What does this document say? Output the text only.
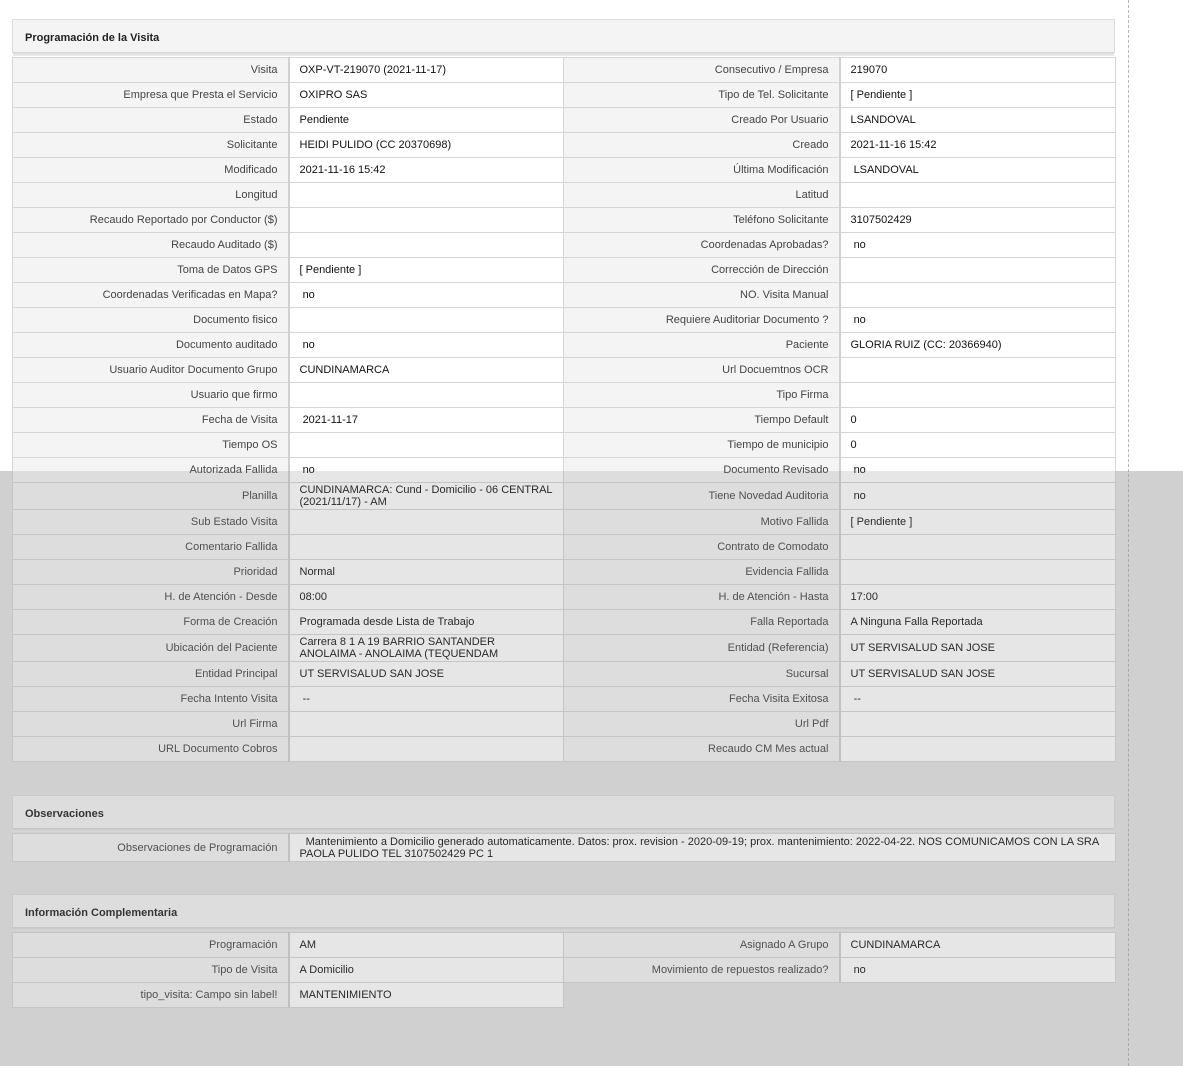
Programación de la Visita
Visita	OXP-VT-219070 (2021-11-17)	Consecutivo / Empresa	219070
Empresa que Presta el Servicio	OXIPRO SAS	Tipo de Tel. Solicitante	[ Pendiente ]
Estado	Pendiente	Creado Por Usuario	LSANDOVAL
Solicitante	HEIDI PULIDO (CC 20370698)	Creado	2021-11-16 15:42
Modificado	2021-11-16 15:42	Última Modificación	LSANDOVAL
Longitud		Latitud	
Recaudo Reportado por Conductor ($)		Teléfono Solicitante	3107502429
Recaudo Auditado ($)		Coordenadas Aprobadas?	no
Toma de Datos GPS	[ Pendiente ]	Corrección de Dirección	
Coordenadas Verificadas en Mapa?	no	NO. Visita Manual	
Documento fisico		Requiere Auditoriar Documento ?	no
Documento auditado	no	Paciente	GLORIA RUIZ (CC: 20366940)
Usuario Auditor Documento Grupo	CUNDINAMARCA	Url Docuemtnos OCR	
Usuario que firmo		Tipo Firma	
Fecha de Visita	2021-11-17	Tiempo Default	0
Tiempo OS		Tiempo de municipio	0
Autorizada Fallida	no	Documento Revisado	no
Planilla	CUNDINAMARCA: Cund - Domicilio - 06 CENTRAL (2021/11/17) - AM	Tiene Novedad Auditoria	no
Sub Estado Visita		Motivo Fallida	[ Pendiente ]
Comentario Fallida		Contrato de Comodato	
Prioridad	Normal	Evidencia Fallida	
H. de Atención - Desde	08:00	H. de Atención - Hasta	17:00
Forma de Creación	Programada desde Lista de Trabajo	Falla Reportada	A Ninguna Falla Reportada
Ubicación del Paciente	Carrera 8 1 A 19 BARRIO SANTANDER ANOLAIMA - ANOLAIMA (TEQUENDAM	Entidad (Referencia)	UT SERVISALUD SAN JOSE
Entidad Principal	UT SERVISALUD SAN JOSE	Sucursal	UT SERVISALUD SAN JOSE
Fecha Intento Visita	--	Fecha Visita Exitosa	--
Url Firma		Url Pdf	
URL Documento Cobros		Recaudo CM Mes actual	
Observaciones
Observaciones de Programación	Mantenimiento a Domicilio generado automaticamente. Datos: prox. revision - 2020-09-19; prox. mantenimiento: 2022-04-22. NOS COMUNICAMOS CON LA SRA PAOLA PULIDO TEL 3107502429 PC 1
Información Complementaria
Programación	AM	Asignado A Grupo	CUNDINAMARCA
Tipo de Visita	A Domicilio	Movimiento de repuestos realizado?	no
tipo_visita: Campo sin label!	MANTENIMIENTO		
